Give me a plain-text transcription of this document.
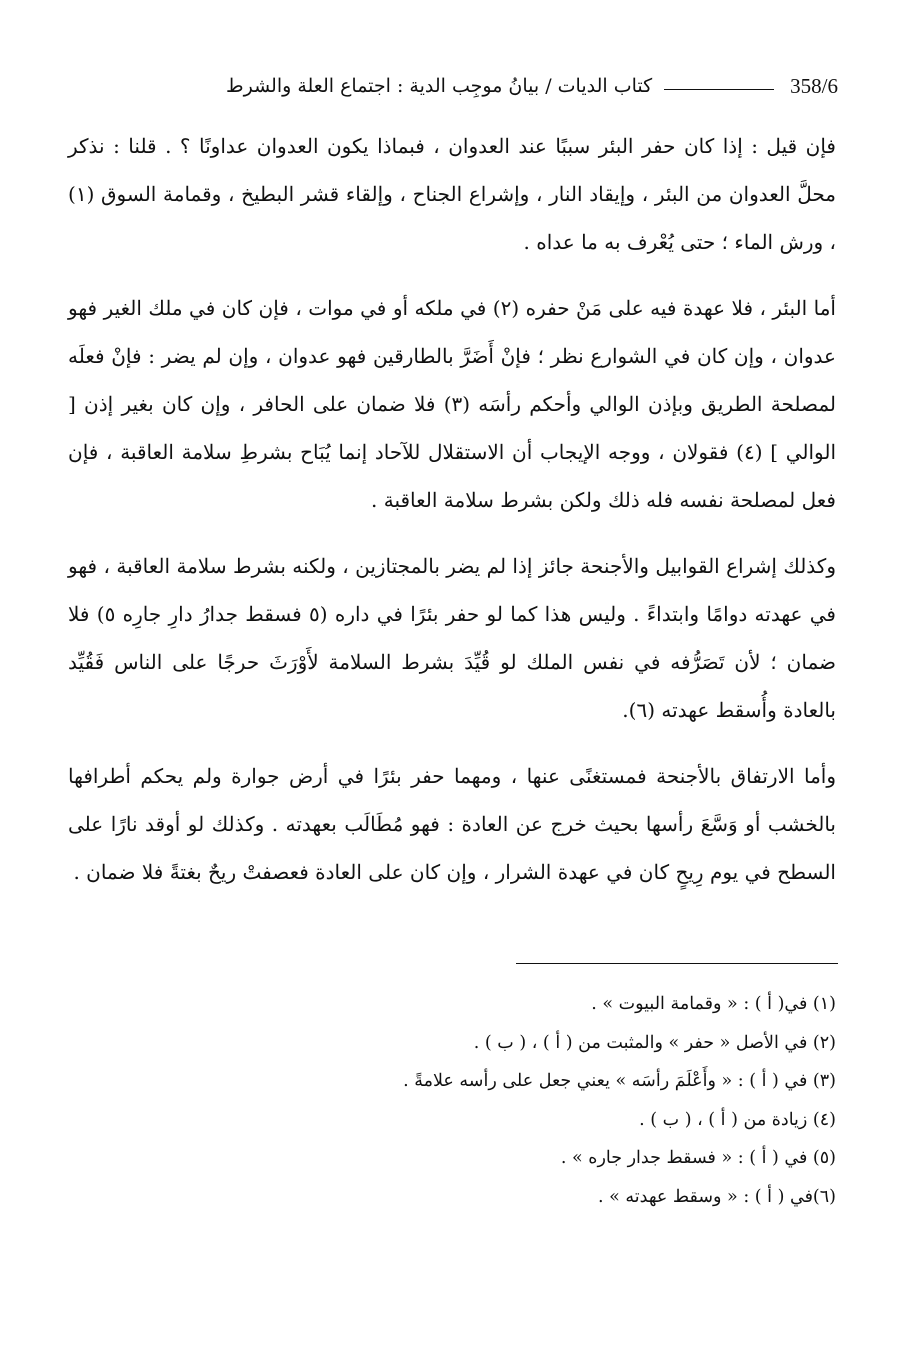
358/6
كتاب الديات / بيانُ موجِب الدية : اجتماع العلة والشرط

فإن قيل : إذا كان حفر البئر سببًا عند العدوان ، فبماذا يكون العدوان عداونًا ؟ . قلنا : نذكر محلَّ العدوان من البئر ، وإيقاد النار ، وإشراع الجناح ، وإلقاء قشر البطيخ ، وقمامة السوق (١) ، ورش الماء ؛ حتى يُعْرف به ما عداه .

أما البئر ، فلا عهدة فيه على مَنْ حفره (٢) في ملكه أو في موات ، فإن كان في ملك الغير فهو عدوان ، وإن كان في الشوارع نظر ؛ فإنْ أَضَرَّ بالطارقين فهو عدوان ، وإن لم يضر : فإنْ فعلَه لمصلحة الطريق وبإذن الوالي وأحكم رأسَه (٣) فلا ضمان على الحافر ، وإن كان بغير إذن [ الوالي ] (٤) فقولان ، ووجه الإيجاب أن الاستقلال للآحاد إنما يُبَاح بشرطِ سلامة العاقبة ، فإن فعل لمصلحة نفسه فله ذلك ولكن بشرط سلامة العاقبة .

وكذلك إشراع القوابيل والأجنحة جائز إذا لم يضر بالمجتازين ، ولكنه بشرط سلامة العاقبة ، فهو في عهدته دوامًا وابتداءً . وليس هذا كما لو حفر بئرًا في داره (٥ فسقط جدارُ دارِ جارِه ٥) فلا ضمان ؛ لأن تَصَرُّفه في نفس الملك لو قُيِّدَ بشرط السلامة لأَوْرَثَ حرجًا على الناس فَقُيِّد بالعادة وأُسقط عهدته (٦).

وأما الارتفاق بالأجنحة فمستغنًى عنها ، ومهما حفر بئرًا في أرض جوارة ولم يحكم أطرافها بالخشب أو وَسَّعَ رأسها بحيث خرج عن العادة : فهو مُطَالَب بعهدته . وكذلك لو أوقد نارًا على السطح في يوم رِيحٍ كان في عهدة الشرار ، وإن كان على العادة فعصفتْ ريحٌ بغتةً فلا ضمان .

(١) في( أ ) : « وقمامة البيوت » .
(٢) في الأصل « حفر » والمثبت من ( أ ) ، ( ب ) .
(٣) في ( أ ) : « وأَعْلَمَ رأسَه » يعني جعل على رأسه علامةً .
(٤) زيادة من ( أ ) ، ( ب ) .
(٥) في ( أ ) : « فسقط جدار جاره » .
(٦)في ( أ ) : « وسقط عهدته » .
